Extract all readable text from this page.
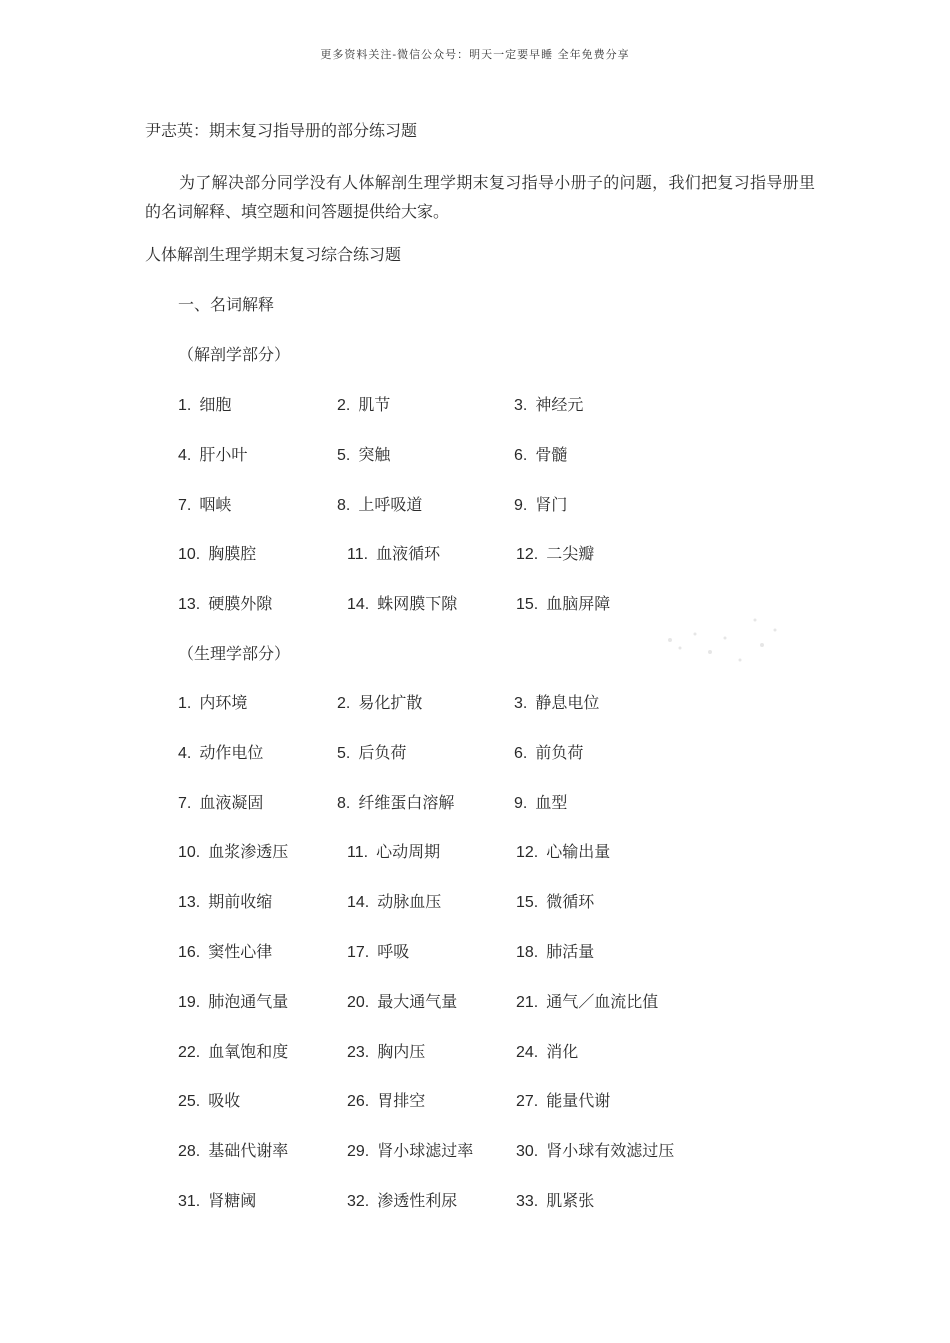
更多资料关注-微信公众号：明天一定要早睡 全年免费分享
尹志英：期末复习指导册的部分练习题
为了解决部分同学没有人体解剖生理学期末复习指导小册子的问题，我们把复习指导册里的名词解释、填空题和问答题提供给大家。
人体解剖生理学期末复习综合练习题
一、名词解释
（解剖学部分）
1. 细胞	2. 肌节	3. 神经元
4. 肝小叶	5. 突触	6. 骨髓
7. 咽峡	8. 上呼吸道	9. 肾门
10. 胸膜腔	11. 血液循环	12. 二尖瓣
13. 硬膜外隙	14. 蛛网膜下隙	15. 血脑屏障
（生理学部分）
1. 内环境	2. 易化扩散	3. 静息电位
4. 动作电位	5. 后负荷	6. 前负荷
7. 血液凝固	8. 纤维蛋白溶解	9. 血型
10. 血浆渗透压	11. 心动周期	12. 心输出量
13. 期前收缩	14. 动脉血压	15. 微循环
16. 窦性心律	17. 呼吸	18. 肺活量
19. 肺泡通气量	20. 最大通气量	21. 通气／血流比值
22. 血氧饱和度	23. 胸内压	24. 消化
25. 吸收	26. 胃排空	27. 能量代谢
28. 基础代谢率	29. 肾小球滤过率	30. 肾小球有效滤过压
31. 肾糖阈	32. 渗透性利尿	33. 肌紧张
